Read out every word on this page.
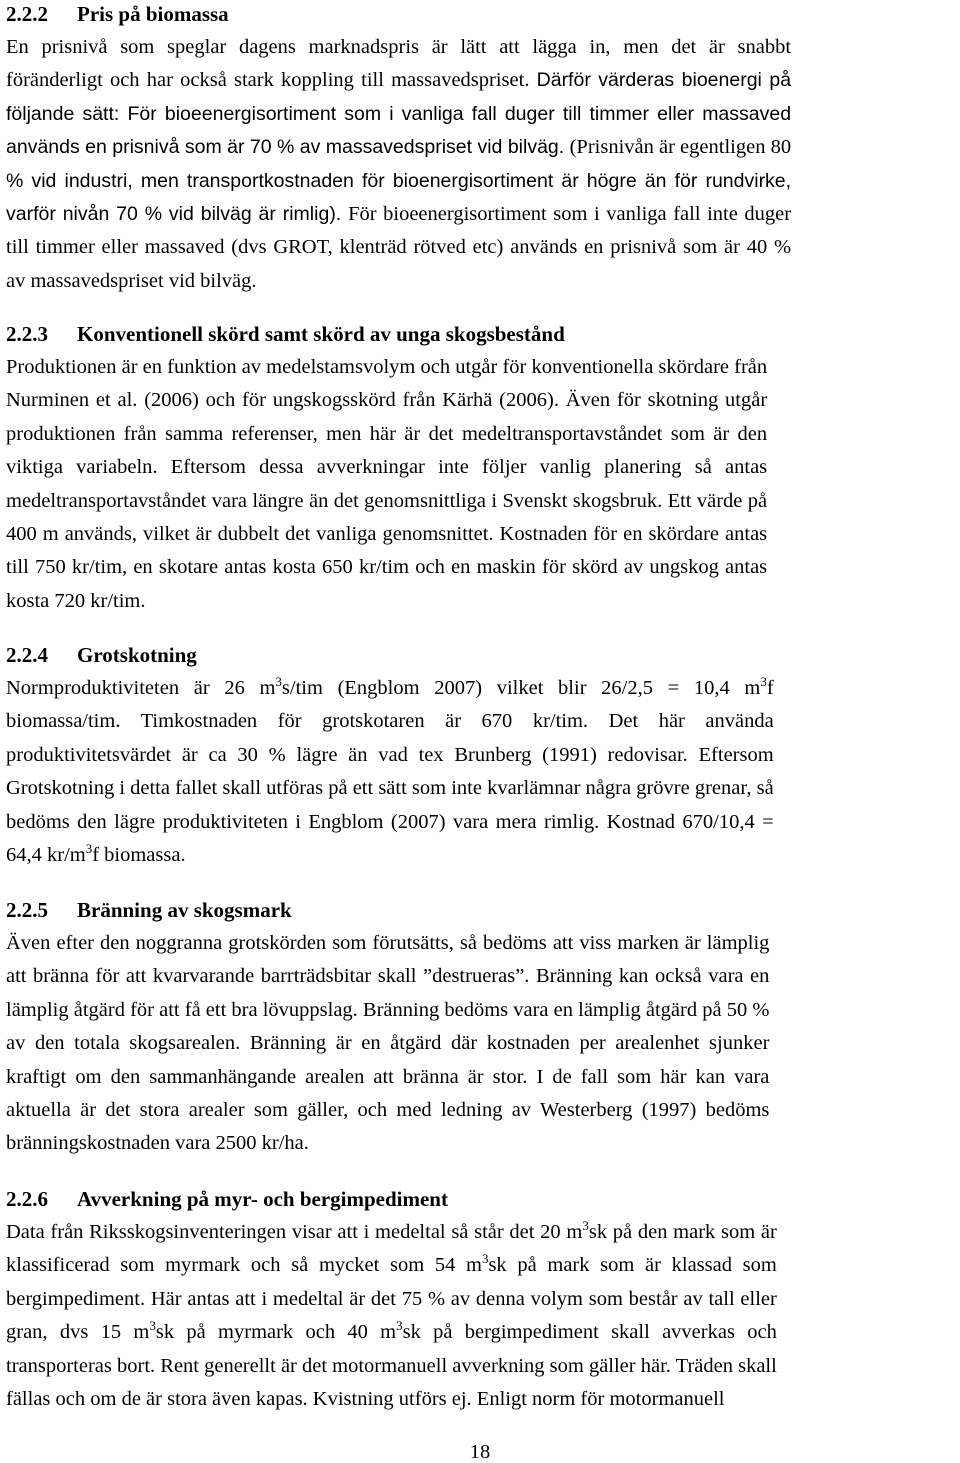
2.2.2 Pris på biomassa
En prisnivå som speglar dagens marknadspris är lätt att lägga in, men det är snabbt
föränderligt och har också stark koppling till massavedspriset. Därför värderas bioenergi på
följande sätt: För bioeenergisortiment som i vanliga fall duger till timmer eller massaved
används en prisnivå som är 70 % av massavedspriset vid bilväg. (Prisnivån är egentligen 80
% vid industri, men transportkostnaden för bioenergisortiment är högre än för rundvirke,
varför nivån 70 % vid bilväg är rimlig). För bioeenergisortiment som i vanliga fall inte duger
till timmer eller massaved (dvs GROT, klenträd rötved etc) används en prisnivå som är 40 %
av massavedspriset vid bilväg.
2.2.3 Konventionell skörd samt skörd av unga skogsbestånd
Produktionen är en funktion av medelstamsvolym och utgår för konventionella skördare från
Nurminen et al. (2006) och för ungskogsskörd från Kärhä (2006). Även för skotning utgår
produktionen från samma referenser, men här är det medeltransportavståndet som är den
viktiga variabeln. Eftersom dessa avverkningar inte följer vanlig planering så antas
medeltransportavståndet vara längre än det genomsnittliga i Svenskt skogsbruk. Ett värde på
400 m används, vilket är dubbelt det vanliga genomsnittet. Kostnaden för en skördare antas
till 750 kr/tim, en skotare antas kosta 650 kr/tim och en maskin för skörd av ungskog antas
kosta 720 kr/tim.
2.2.4 Grotskotning
Normproduktiviteten är 26 $m^3s$/tim (Engblom 2007) vilket blir 26/2,5 = 10,4 $m^3f$
biomassa/tim. Timkostnaden för grotskotaren är 670 kr/tim. Det här använda
produktivitetsvärdet är ca 30 % lägre än vad tex Brunberg (1991) redovisar. Eftersom
Grotskotning i detta fallet skall utföras på ett sätt som inte kvarlämnar några grövre grenar, så
bedöms den lägre produktiviteten i Engblom (2007) vara mera rimlig. Kostnad 670/10,4 =
64,4 $kr/m^3f$ biomassa.
2.2.5 Bränning av skogsmark
Även efter den noggranna grotskörden som förutsätts, så bedöms att viss marken är lämplig
att bränna för att kvarvarande barrträdsbitar skall ”destrueras”. Bränning kan också vara en
lämplig åtgärd för att få ett bra lövuppslag. Bränning bedöms vara en lämplig åtgärd på 50 %
av den totala skogsarealen. Bränning är en åtgärd där kostnaden per arealenhet sjunker
kraftigt om den sammanhängande arealen att bränna är stor. I de fall som här kan vara
aktuella är det stora arealer som gäller, och med ledning av Westerberg (1997) bedöms
bränningskostnaden vara 2500 kr/ha.
2.2.6 Avverkning på myr- och bergimpediment
Data från Riksskogsinventeringen visar att i medeltal så står det 20 $m^3sk$ på den mark som är
klassificerad som myrmark och så mycket som 54 $m^3sk$ på mark som är klassad som
bergimpediment. Här antas att i medeltal är det 75 % av denna volym som består av tall eller
gran, dvs 15 $m^3sk$ på myrmark och 40 $m^3sk$ på bergimpediment skall avverkas och
transporteras bort. Rent generellt är det motormanuell avverkning som gäller här. Träden skall
fällas och om de är stora även kapas. Kvistning utförs ej. Enligt norm för motormanuell
18
